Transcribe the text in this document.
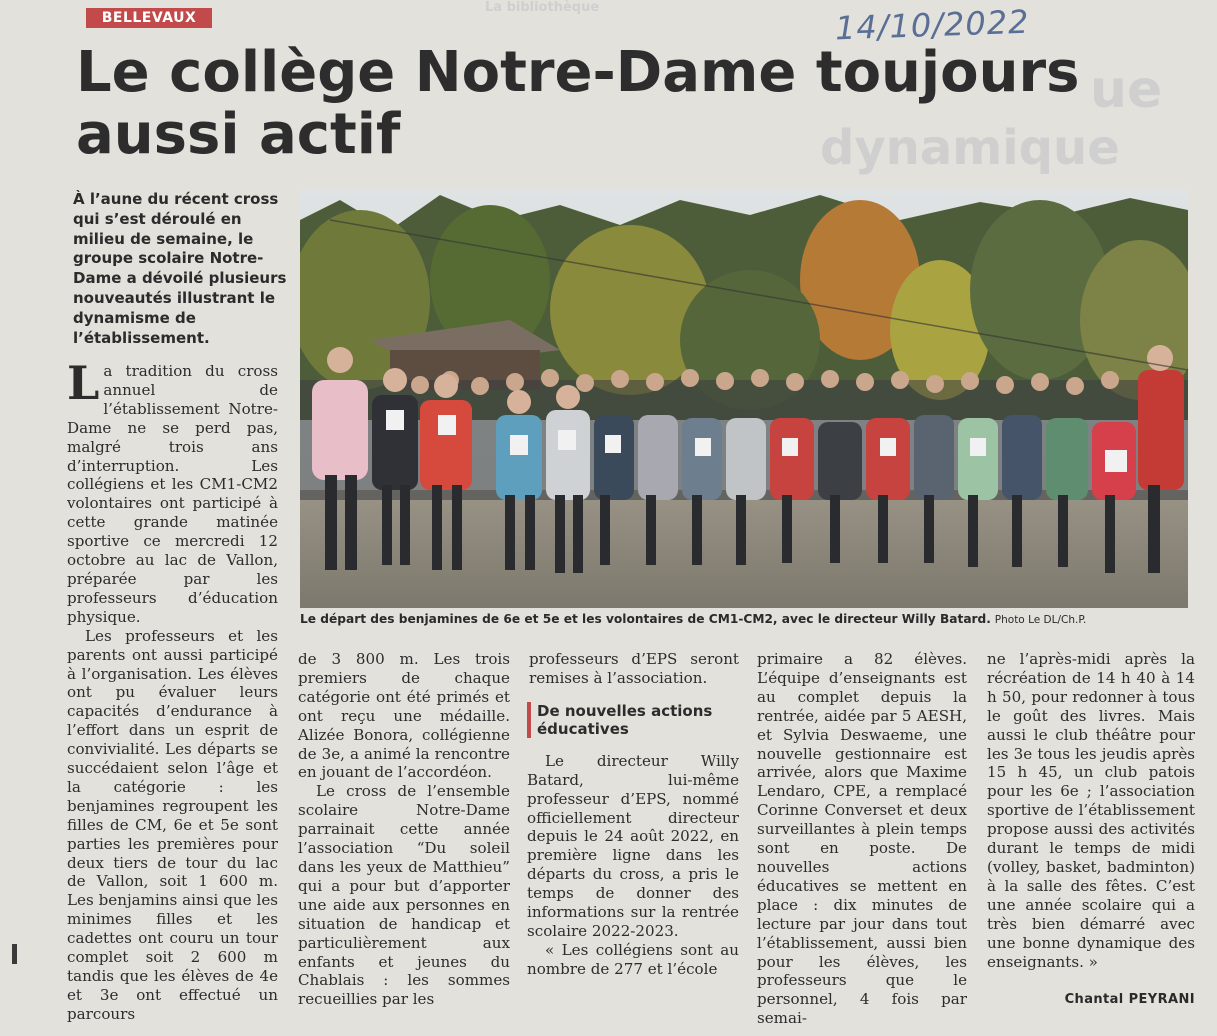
ue
dynamique
La bibliothèque
BELLEVAUX	14/10/2022
Le collège Notre-Dame toujours
aussi actif
À l’aune du récent cross qui s’est déroulé en milieu de semaine, le groupe scolaire Notre-Dame a dévoilé plusieurs nouveautés illustrant le dynamisme de l’établissement.
Le départ des benjamines de 6e et 5e et les volontaires de CM1-CM2, avec le directeur Willy Batard. Photo Le DL/Ch.P.

La tradition du cross annuel de l’établissement Notre-Dame ne se perd pas, malgré trois ans d’interruption. Les collégiens et les CM1-CM2 volontaires ont participé à cette grande matinée sportive ce mercredi 12 octobre au lac de Vallon, préparée par les professeurs d’éducation physique.

Les professeurs et les parents ont aussi participé à l’organisation. Les élèves ont pu évaluer leurs capacités d’endurance à l’effort dans un esprit de convivialité. Les départs se succédaient selon l’âge et la catégorie : les benjamines regroupent les filles de CM, 6e et 5e sont parties les premières pour deux tiers de tour du lac de Vallon, soit 1 600 m. Les benjamins ainsi que les minimes filles et les cadettes ont couru un tour complet soit 2 600 m tandis que les élèves de 4e et 3e ont effectué un parcours

de 3 800 m. Les trois premiers de chaque catégorie ont été primés et ont reçu une médaille. Alizée Bonora, collégienne de 3e, a animé la rencontre en jouant de l’accordéon.

Le cross de l’ensemble scolaire Notre-Dame parrainait cette année l’association “Du soleil dans les yeux de Matthieu” qui a pour but d’apporter une aide aux personnes en situation de handicap et particulièrement aux enfants et jeunes du Chablais : les sommes recueillies par les

professeurs d’EPS seront remises à l’association.

De nouvelles actions éducatives

Le directeur Willy Batard, lui-même professeur d’EPS, nommé officiellement directeur depuis le 24 août 2022, en première ligne dans les départs du cross, a pris le temps de donner des informations sur la rentrée scolaire 2022-2023.

« Les collégiens sont au nombre de 277 et l’école

primaire a 82 élèves. L’équipe d’enseignants est au complet depuis la rentrée, aidée par 5 AESH, et Sylvia Deswaeme, une nouvelle gestionnaire est arrivée, alors que Maxime Lendaro, CPE, a remplacé Corinne Converset et deux surveillantes à plein temps sont en poste. De nouvelles actions éducatives se mettent en place : dix minutes de lecture par jour dans tout l’établissement, aussi bien pour les élèves, les professeurs que le personnel, 4 fois par semai-

ne l’après-midi après la récréation de 14 h 40 à 14 h 50, pour redonner à tous le goût des livres. Mais aussi le club théâtre pour les 3e tous les jeudis après 15 h 45, un club patois pour les 6e ; l’association sportive de l’établissement propose aussi des activités durant le temps de midi (volley, basket, badminton) à la salle des fêtes. C’est une année scolaire qui a très bien démarré avec une bonne dynamique des enseignants. »

Chantal PEYRANI
